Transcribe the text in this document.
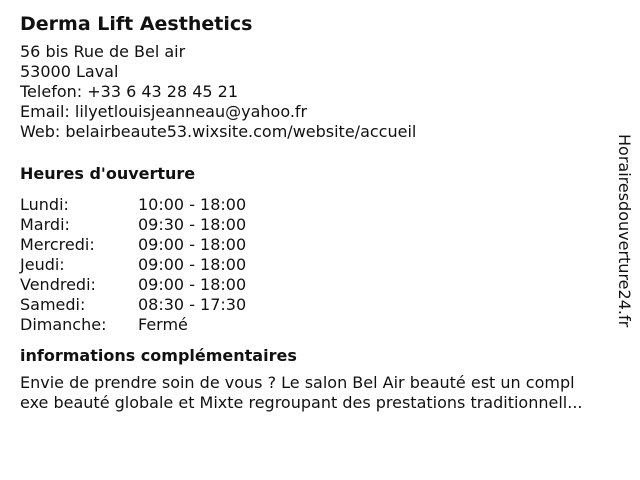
Derma Lift Aesthetics
56 bis Rue de Bel air
53000 Laval
Telefon: +33 6 43 28 45 21
Email: lilyetlouisjeanneau@yahoo.fr
Web: belairbeaute53.wixsite.com/website/accueil
Heures d'ouverture
Lundi:	10:00 - 18:00
Mardi:	09:30 - 18:00
Mercredi:	09:00 - 18:00
Jeudi:	09:00 - 18:00
Vendredi:	09:00 - 18:00
Samedi:	08:30 - 17:30
Dimanche:	Fermé
informations complémentaires
Envie de prendre soin de vous ? Le salon Bel Air beauté est un compl
exe beauté globale et Mixte regroupant des prestations traditionnell...
Horairesdouverture24.fr
